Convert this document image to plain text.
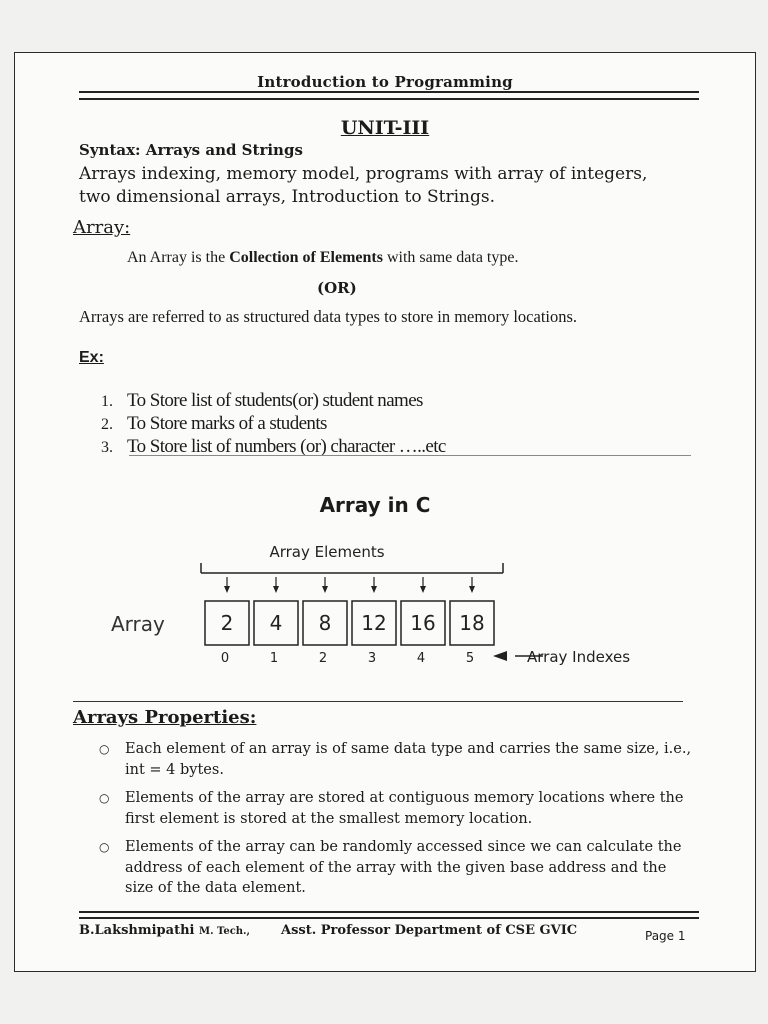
Introduction to Programming
UNIT-III
Syntax: Arrays and Strings
Arrays indexing, memory model, programs with array of integers,
two dimensional arrays, Introduction to Strings.
Array:
An Array is the Collection of Elements with same data type.
(OR)
Arrays are referred to as structured data types to store in memory locations.
Ex:
1. To Store list of students(or) student names
2. To Store marks of a students
3. To Store list of numbers (or) character …..etc
Array in C
Array Elements
Array	2 4 8 12 16 18
0	1	2	3	4	5	Array Indexes
Arrays Properties:
○ Each element of an array is of same data type and carries the same size, i.e., int = 4 bytes.
○ Elements of the array are stored at contiguous memory locations where the first element is stored at the smallest memory location.
○ Elements of the array can be randomly accessed since we can calculate the address of each element of the array with the given base address and the size of the data element.
B.Lakshmipathi M. Tech., Asst. Professor Department of CSE GVIC	Page 1
